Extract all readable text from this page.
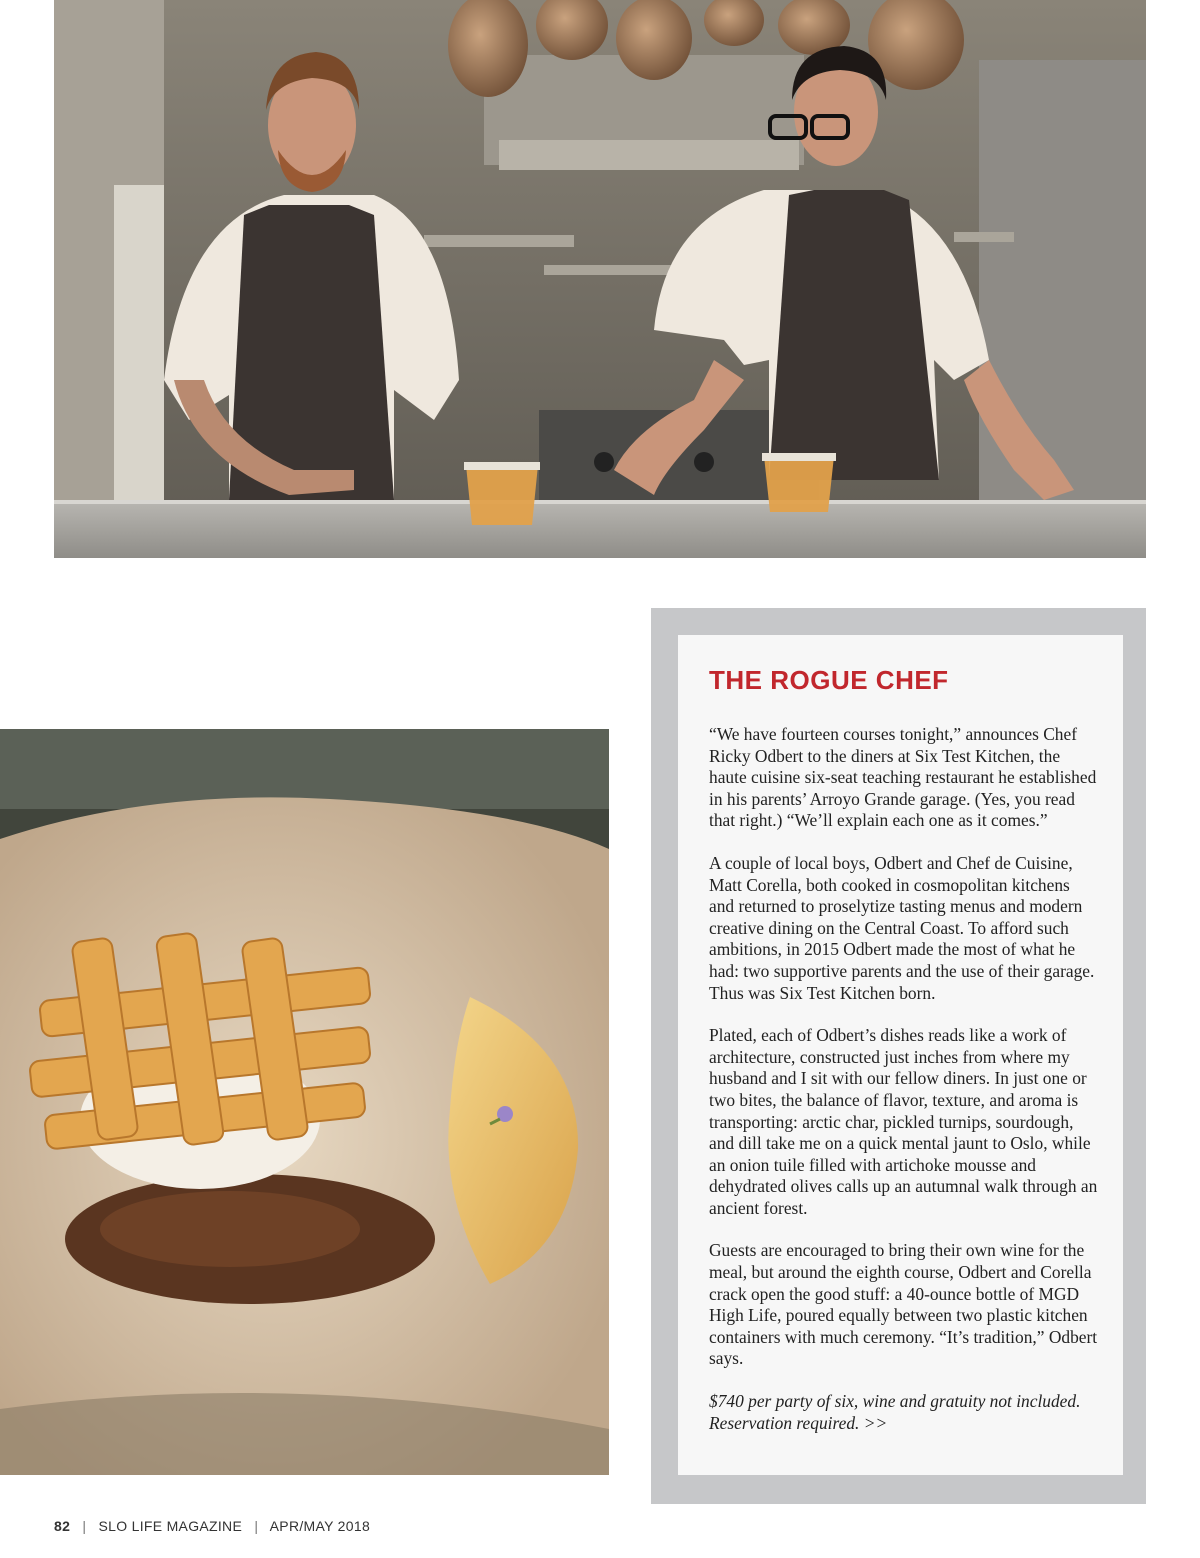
THE ROGUE CHEF

“We have fourteen courses tonight,” announces Chef Ricky Odbert to the diners at Six Test Kitchen, the haute cuisine six-seat teaching restaurant he established in his parents’ Arroyo Grande garage. (Yes, you read that right.) “We’ll explain each one as it comes.”

A couple of local boys, Odbert and Chef de Cuisine, Matt Corella, both cooked in cosmopolitan kitchens and returned to proselytize tasting menus and modern creative dining on the Central Coast. To afford such ambitions, in 2015 Odbert made the most of what he had: two supportive parents and the use of their garage. Thus was Six Test Kitchen born.

Plated, each of Odbert’s dishes reads like a work of architecture, constructed just inches from where my husband and I sit with our fellow diners. In just one or two bites, the balance of flavor, texture, and aroma is transporting: arctic char, pickled turnips, sourdough, and dill take me on a quick mental jaunt to Oslo, while an onion tuile filled with artichoke mousse and dehydrated olives calls up an autumnal walk through an ancient forest.

Guests are encouraged to bring their own wine for the meal, but around the eighth course, Odbert and Corella crack open the good stuff: a 40-ounce bottle of MGD High Life, poured equally between two plastic kitchen containers with much ceremony. “It’s tradition,” Odbert says.

$740 per party of six, wine and gratuity not included. Reservation required. >>

82 | SLO LIFE MAGAZINE | APR/MAY 2018
